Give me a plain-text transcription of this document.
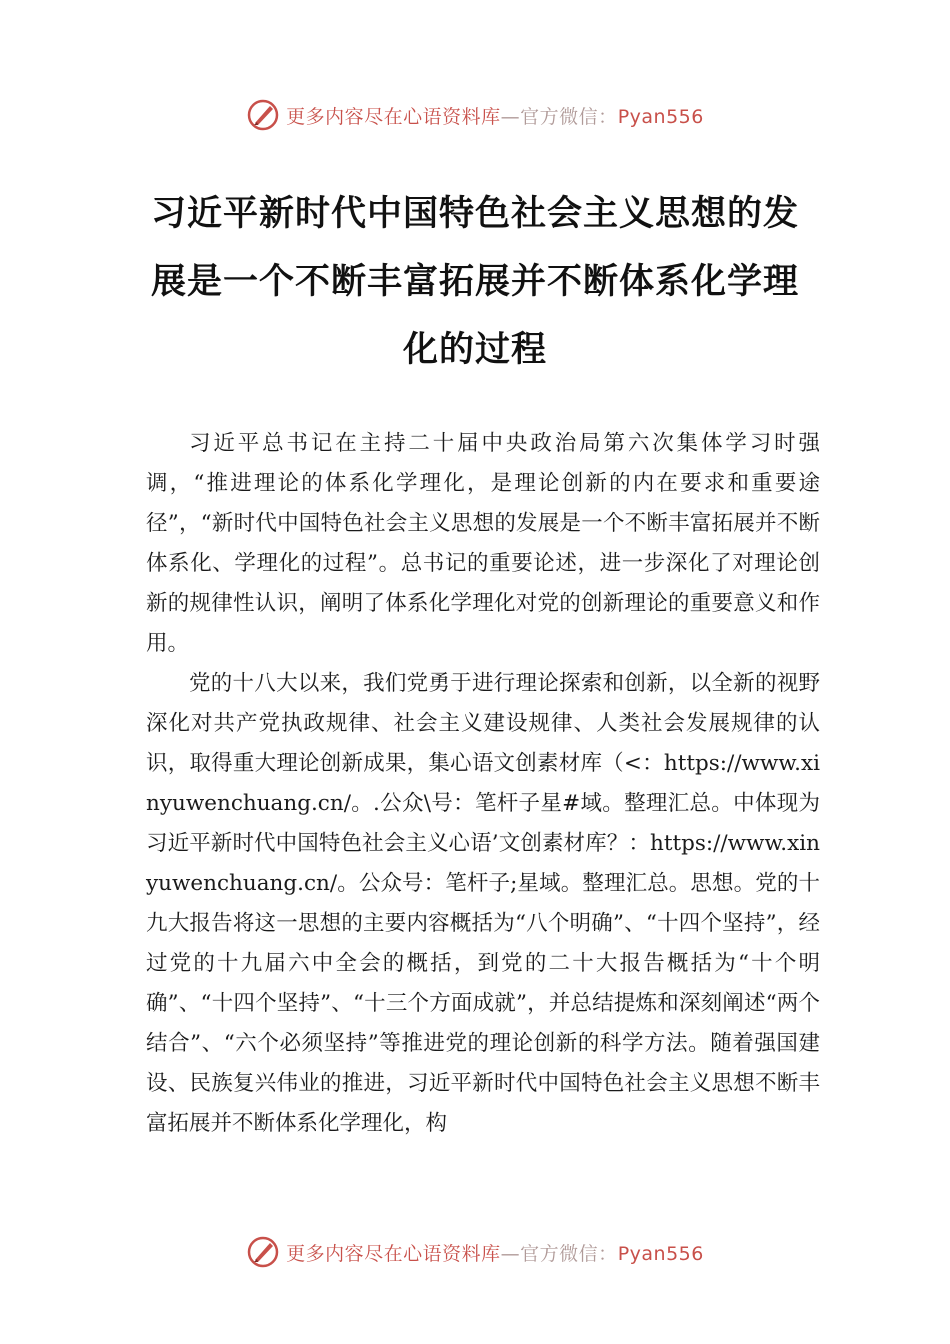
更多内容尽在心语资料库—官方微信：Pyan556
习近平新时代中国特色社会主义思想的发展是一个不断丰富拓展并不断体系化学理化的过程

习近平总书记在主持二十届中央政治局第六次集体学习时强调，“推进理论的体系化学理化，是理论创新的内在要求和重要途径”，“新时代中国特色社会主义思想的发展是一个不断丰富拓展并不断体系化、学理化的过程”。总书记的重要论述，进一步深化了对理论创新的规律性认识，阐明了体系化学理化对党的创新理论的重要意义和作用。

党的十八大以来，我们党勇于进行理论探索和创新，以全新的视野深化对共产党执政规律、社会主义建设规律、人类社会发展规律的认识，取得重大理论创新成果，集心语文创素材库（<：https://www.xinyuwenchuang.cn/。.公众\号：笔杆子星#域。整理汇总。中体现为习近平新时代中国特色社会主义心语’文创素材库？：https://www.xinyuwenchuang.cn/。公众号：笔杆子;星域。整理汇总。思想。党的十九大报告将这一思想的主要内容概括为“八个明确”、“十四个坚持”，经过党的十九届六中全会的概括，到党的二十大报告概括为“十个明确”、“十四个坚持”、“十三个方面成就”，并总结提炼和深刻阐述“两个结合”、“六个必须坚持”等推进党的理论创新的科学方法。随着强国建设、民族复兴伟业的推进，习近平新时代中国特色社会主义思想不断丰富拓展并不断体系化学理化，构

更多内容尽在心语资料库—官方微信：Pyan556
